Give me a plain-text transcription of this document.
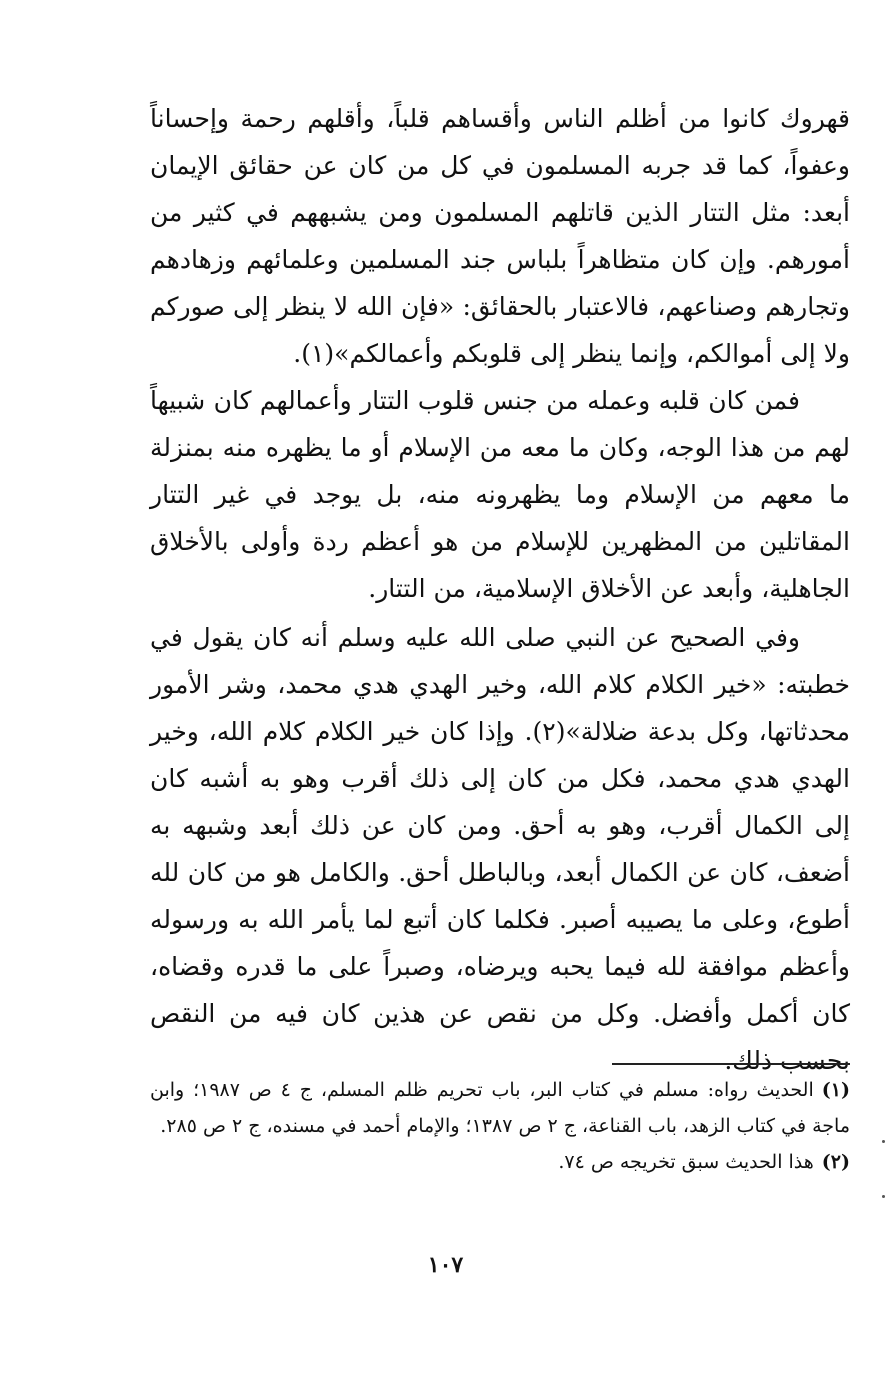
قهروك كانوا من أظلم الناس وأقساهم قلباً، وأقلهم رحمة وإحساناً وعفواً، كما قد جربه المسلمون في كل من كان عن حقائق الإيمان أبعد: مثل التتار الذين قاتلهم المسلمون ومن يشبههم في كثير من أمورهم. وإن كان متظاهراً بلباس جند المسلمين وعلمائهم وزهادهم وتجارهم وصناعهم، فالاعتبار بالحقائق: «فإن الله لا ينظر إلى صوركم ولا إلى أموالكم، وإنما ينظر إلى قلوبكم وأعمالكم»(١).

فمن كان قلبه وعمله من جنس قلوب التتار وأعمالهم كان شبيهاً لهم من هذا الوجه، وكان ما معه من الإسلام أو ما يظهره منه بمنزلة ما معهم من الإسلام وما يظهرونه منه، بل يوجد في غير التتار المقاتلين من المظهرين للإسلام من هو أعظم ردة وأولى بالأخلاق الجاهلية، وأبعد عن الأخلاق الإسلامية، من التتار.

وفي الصحيح عن النبي صلى الله عليه وسلم أنه كان يقول في خطبته: «خير الكلام كلام الله، وخير الهدي هدي محمد، وشر الأمور محدثاتها، وكل بدعة ضلالة»(٢). وإذا كان خير الكلام كلام الله، وخير الهدي هدي محمد، فكل من كان إلى ذلك أقرب وهو به أشبه كان إلى الكمال أقرب، وهو به أحق. ومن كان عن ذلك أبعد وشبهه به أضعف، كان عن الكمال أبعد، وبالباطل أحق. والكامل هو من كان لله أطوع، وعلى ما يصيبه أصبر. فكلما كان أتبع لما يأمر الله به ورسوله وأعظم موافقة لله فيما يحبه ويرضاه، وصبراً على ما قدره وقضاه، كان أكمل وأفضل. وكل من نقص عن هذين كان فيه من النقص بحسب ذلك.

(١)الحديث رواه: مسلم في كتاب البر، باب تحريم ظلم المسلم، ج ٤ ص ١٩٨٧؛ وابن ماجة في كتاب الزهد، باب القناعة، ج ٢ ص ١٣٨٧؛ والإمام أحمد في مسنده، ج ٢ ص ٢٨٥.
(٢)هذا الحديث سبق تخريجه ص ٧٤.
١٠٧
